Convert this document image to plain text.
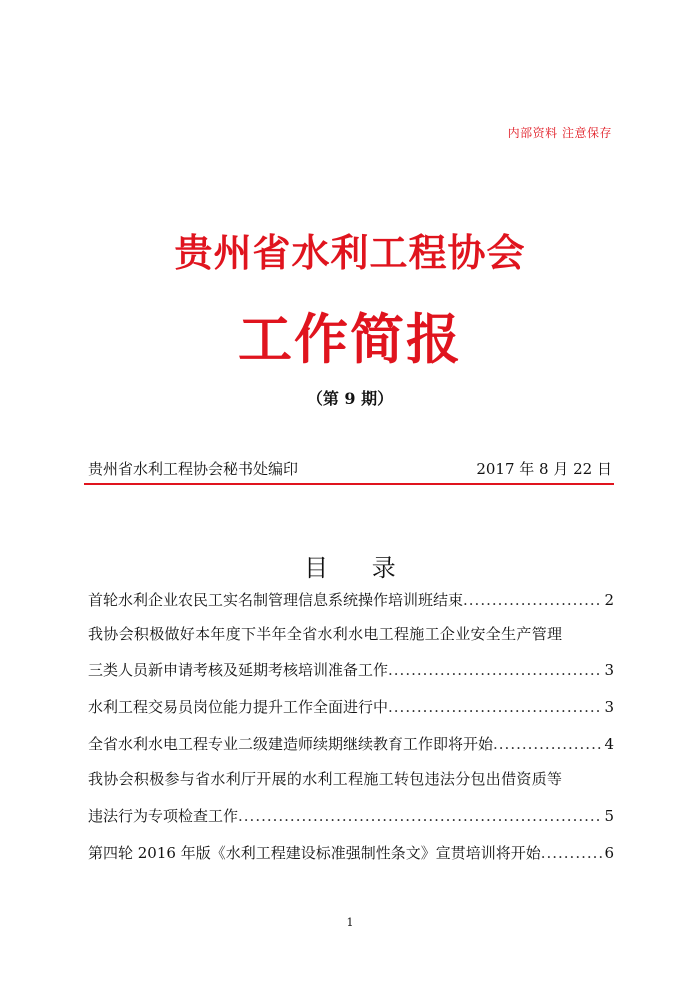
内部资料 注意保存
贵州省水利工程协会
工作简报
（第 9 期）
贵州省水利工程协会秘书处编印	2017 年 8 月 22 日
目 录
首轮水利企业农民工实名制管理信息系统操作培训班结束 .....	2
我协会积极做好本年度下半年全省水利水电工程施工企业安全生产管理
三类人员新申请考核及延期考核培训准备工作 .....	3
水利工程交易员岗位能力提升工作全面进行中 .....	3
全省水利水电工程专业二级建造师续期继续教育工作即将开始 .....	4
我协会积极参与省水利厅开展的水利工程施工转包违法分包出借资质等
违法行为专项检查工作 .....	5
第四轮 2016 年版《水利工程建设标准强制性条文》宣贯培训将开始 .....	6
1
